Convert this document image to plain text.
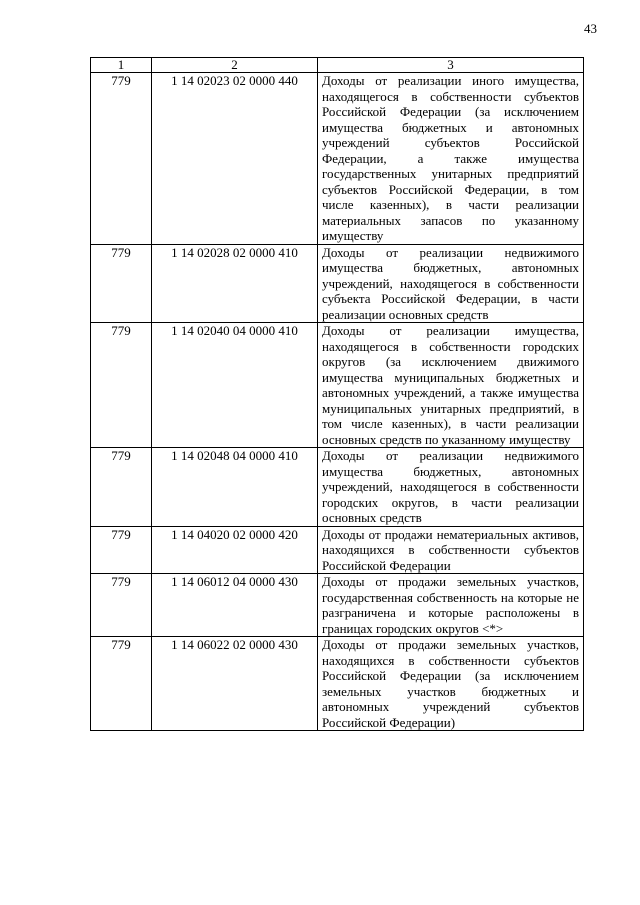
43
1	2	3
779	1 14 02023 02 0000 440	Доходы от реализации иного имущества, находящегося в собственности субъектов Российской Федерации (за исключением имущества бюджетных и автономных учреждений субъектов Российской Федерации, а также имущества государственных унитарных предприятий субъектов Российской Федерации, в том числе казенных), в части реализации материальных запасов по указанному имуществу
779	1 14 02028 02 0000 410	Доходы от реализации недвижимого имущества бюджетных, автономных учреждений, находящегося в собственности субъекта Российской Федерации, в части реализации основных средств
779	1 14 02040 04 0000 410	Доходы от реализации имущества, находящегося в собственности городских округов (за исключением движимого имущества муниципальных бюджетных и автономных учреждений, а также имущества муниципальных унитарных предприятий, в том числе казенных), в части реализации основных средств по указанному имуществу
779	1 14 02048 04 0000 410	Доходы от реализации недвижимого имущества бюджетных, автономных учреждений, находящегося в собственности городских округов, в части реализации основных средств
779	1 14 04020 02 0000 420	Доходы от продажи нематериальных активов, находящихся в собственности субъектов Российской Федерации
779	1 14 06012 04 0000 430	Доходы от продажи земельных участков, государственная собственность на которые не разграничена и которые расположены в границах городских округов <*>
779	1 14 06022 02 0000 430	Доходы от продажи земельных участков, находящихся в собственности субъектов Российской Федерации (за исключением земельных участков бюджетных и автономных учреждений субъектов Российской Федерации)
